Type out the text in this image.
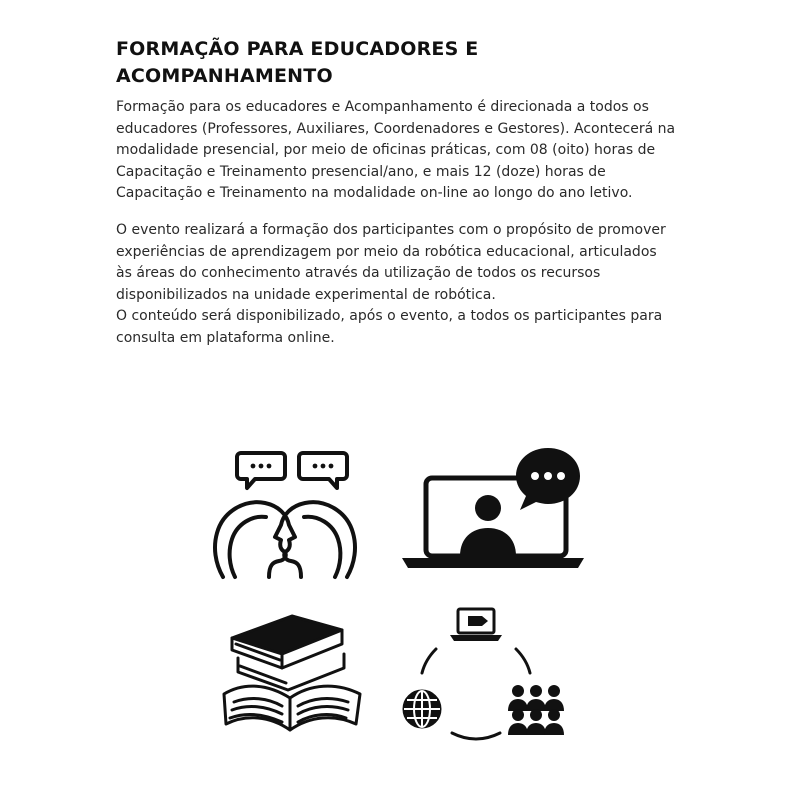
FORMAÇÃO PARA EDUCADORES E
ACOMPANHAMENTO
Formação para os educadores e Acompanhamento é direcionada a todos os
educadores (Professores, Auxiliares, Coordenadores e Gestores). Acontecerá na
modalidade presencial, por meio de oficinas práticas, com 08 (oito) horas de
Capacitação e Treinamento presencial/ano, e mais 12 (doze) horas de
Capacitação e Treinamento na modalidade on-line ao longo do ano letivo.
O evento realizará a formação dos participantes com o propósito de promover
experiências de aprendizagem por meio da robótica educacional, articulados
às áreas do conhecimento através da utilização de todos os recursos
disponibilizados na unidade experimental de robótica.
O conteúdo será disponibilizado, após o evento, a todos os participantes para
consulta em plataforma online.
